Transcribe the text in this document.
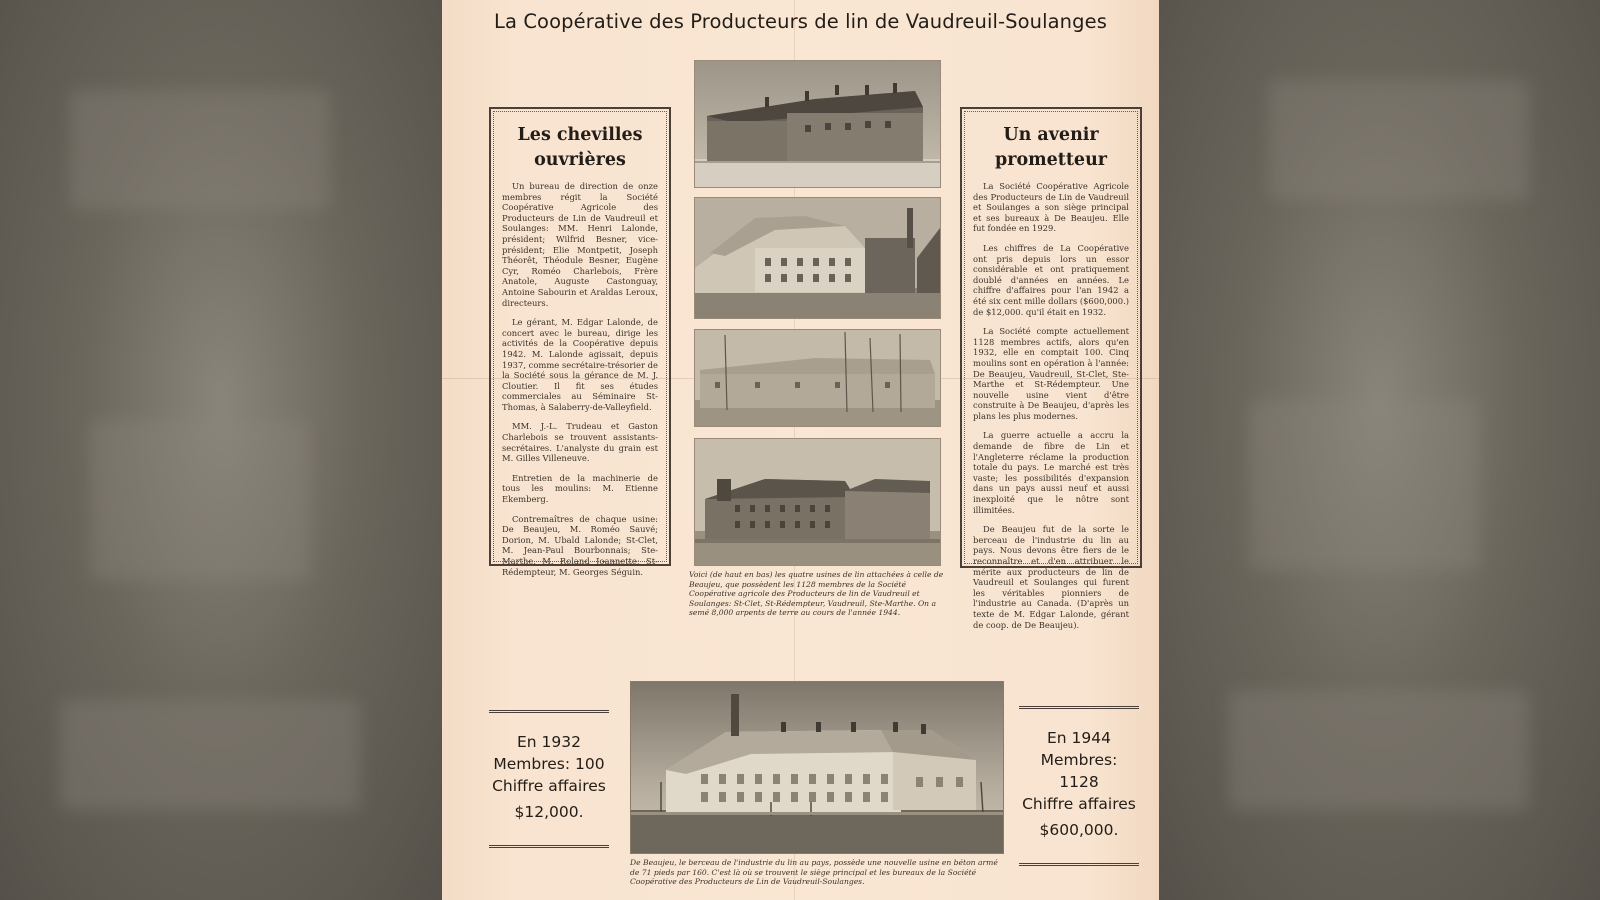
La Coopérative des Producteurs de lin de Vaudreuil-Soulanges
Les chevilles
ouvrières

Un bureau de direction de onze membres régit la Société Coopérative Agricole des Producteurs de Lin de Vaudreuil et Soulanges: MM. Henri Lalonde, président; Wilfrid Besner, vice-président; Elie Montpetit, Joseph Théorêt, Théodule Besner, Eugène Cyr, Roméo Charlebois, Frère Anatole, Auguste Castonguay, Antoine Sabourin et Araldas Leroux, directeurs.

Le gérant, M. Edgar Lalonde, de concert avec le bureau, dirige les activités de la Coopérative depuis 1942. M. Lalonde agissait, depuis 1937, comme secrétaire-trésorier de la Société sous la gérance de M. J. Cloutier. Il fit ses études commerciales au Séminaire St-Thomas, à Salaberry-de-Valleyfield.

MM. J.-L. Trudeau et Gaston Charlebois se trouvent assistants-secrétaires. L'analyste du grain est M. Gilles Villeneuve.

Entretien de la machinerie de tous les moulins: M. Etienne Ekemberg.

Contremaîtres de chaque usine: De Beaujeu, M. Roméo Sauvé; Dorion, M. Ubald Lalonde; St-Clet, M. Jean-Paul Bourbonnais; Ste-Marthe, M. Roland Joannette; St-Rédempteur, M. Georges Séguin.

Un avenir
prometteur

La Société Coopérative Agricole des Producteurs de Lin de Vaudreuil et Soulanges a son siège principal et ses bureaux à De Beaujeu. Elle fut fondée en 1929.

Les chiffres de La Coopérative ont pris depuis lors un essor considérable et ont pratiquement doublé d'années en années. Le chiffre d'affaires pour l'an 1942 a été six cent mille dollars ($600,000.) de $12,000. qu'il était en 1932.

La Société compte actuellement 1128 membres actifs, alors qu'en 1932, elle en comptait 100. Cinq moulins sont en opération à l'année: De Beaujeu, Vaudreuil, St-Clet, Ste-Marthe et St-Rédempteur. Une nouvelle usine vient d'être construite à De Beaujeu, d'après les plans les plus modernes.

La guerre actuelle a accru la demande de fibre de Lin et l'Angleterre réclame la production totale du pays. Le marché est très vaste; les possibilités d'expansion dans un pays aussi neuf et aussi inexploité que le nôtre sont illimitées.

De Beaujeu fut de la sorte le berceau de l'industrie du lin au pays. Nous devons être fiers de le reconnaître et d'en attribuer le mérite aux producteurs de lin de Vaudreuil et Soulanges qui furent les véritables pionniers de l'industrie au Canada. (D'après un texte de M. Edgar Lalonde, gérant de coop. de De Beaujeu).

Voici (de haut en bas) les quatre usines de lin attachées à celle de Beaujeu, que possèdent les 1128 membres de la Société Coopérative agricole des Producteurs de lin de Vaudreuil et Soulanges: St-Clet, St-Rédempteur, Vaudreuil, Ste-Marthe. On a semé 8,000 arpents de terre au cours de l'année 1944.
En 1932
Membres: 100
Chiffre affaires
$12,000.
En 1944
Membres: 1128
Chiffre affaires
$600,000.
De Beaujeu, le berceau de l'industrie du lin au pays, possède une nouvelle usine en béton armé de 71 pieds par 160. C'est là où se trouvent le siège principal et les bureaux de la Société Coopérative des Producteurs de Lin de Vaudreuil-Soulanges.
